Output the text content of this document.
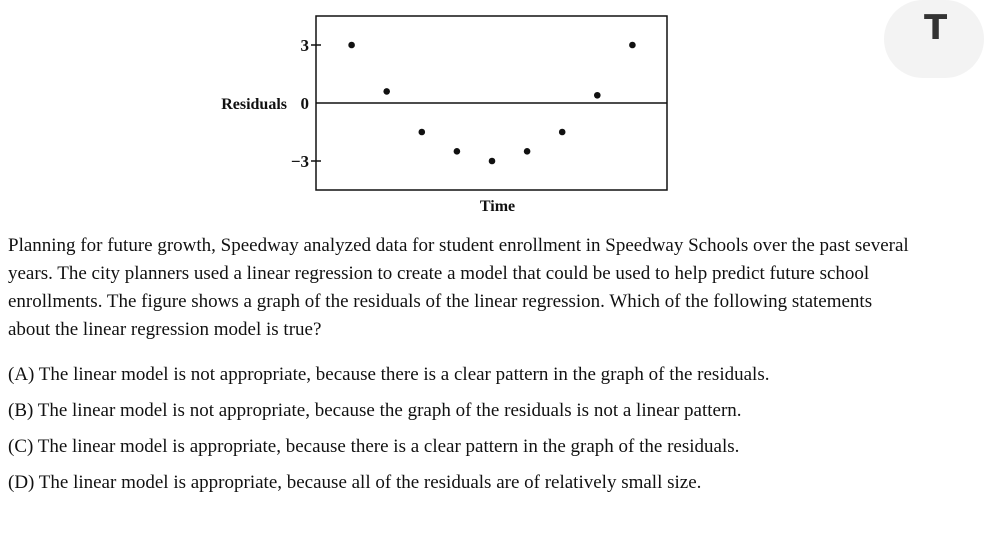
3
0
−3
Residuals
Time

Planning for future growth, Speedway analyzed data for student enrollment in Speedway Schools over the past several years. The city planners used a linear regression to create a model that could be used to help predict future school enrollments. The figure shows a graph of the residuals of the linear regression. Which of the following statements about the linear regression model is true?

(A) The linear model is not appropriate, because there is a clear pattern in the graph of the residuals.
(B) The linear model is not appropriate, because the graph of the residuals is not a linear pattern.
(C) The linear model is appropriate, because there is a clear pattern in the graph of the residuals.
(D) The linear model is appropriate, because all of the residuals are of relatively small size.
T
